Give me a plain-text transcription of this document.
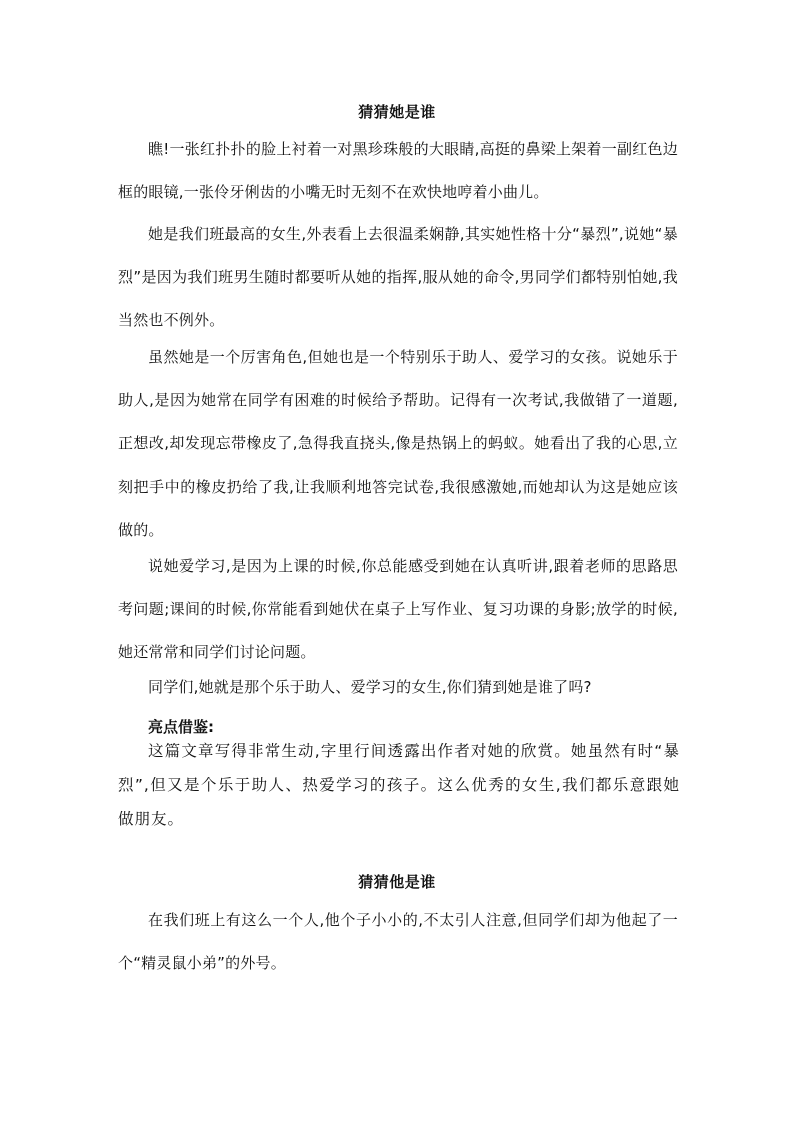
猜猜她是谁
瞧!一张红扑扑的脸上衬着一对黑珍珠般的大眼睛,高挺的鼻梁上架着一副红色边框的眼镜,一张伶牙俐齿的小嘴无时无刻不在欢快地哼着小曲儿。
她是我们班最高的女生,外表看上去很温柔娴静,其实她性格十分“暴烈”,说她“暴烈”是因为我们班男生随时都要听从她的指挥,服从她的命令,男同学们都特别怕她,我当然也不例外。
虽然她是一个厉害角色,但她也是一个特别乐于助人、爱学习的女孩。说她乐于助人,是因为她常在同学有困难的时候给予帮助。记得有一次考试,我做错了一道题,正想改,却发现忘带橡皮了,急得我直挠头,像是热锅上的蚂蚁。她看出了我的心思,立刻把手中的橡皮扔给了我,让我顺利地答完试卷,我很感激她,而她却认为这是她应该做的。
说她爱学习,是因为上课的时候,你总能感受到她在认真听讲,跟着老师的思路思考问题;课间的时候,你常能看到她伏在桌子上写作业、复习功课的身影;放学的时候,她还常常和同学们讨论问题。
同学们,她就是那个乐于助人、爱学习的女生,你们猜到她是谁了吗?
亮点借鉴:
这篇文章写得非常生动,字里行间透露出作者对她的欣赏。她虽然有时“暴烈”,但又是个乐于助人、热爱学习的孩子。这么优秀的女生,我们都乐意跟她做朋友。
猜猜他是谁
在我们班上有这么一个人,他个子小小的,不太引人注意,但同学们却为他起了一个“精灵鼠小弟”的外号。
